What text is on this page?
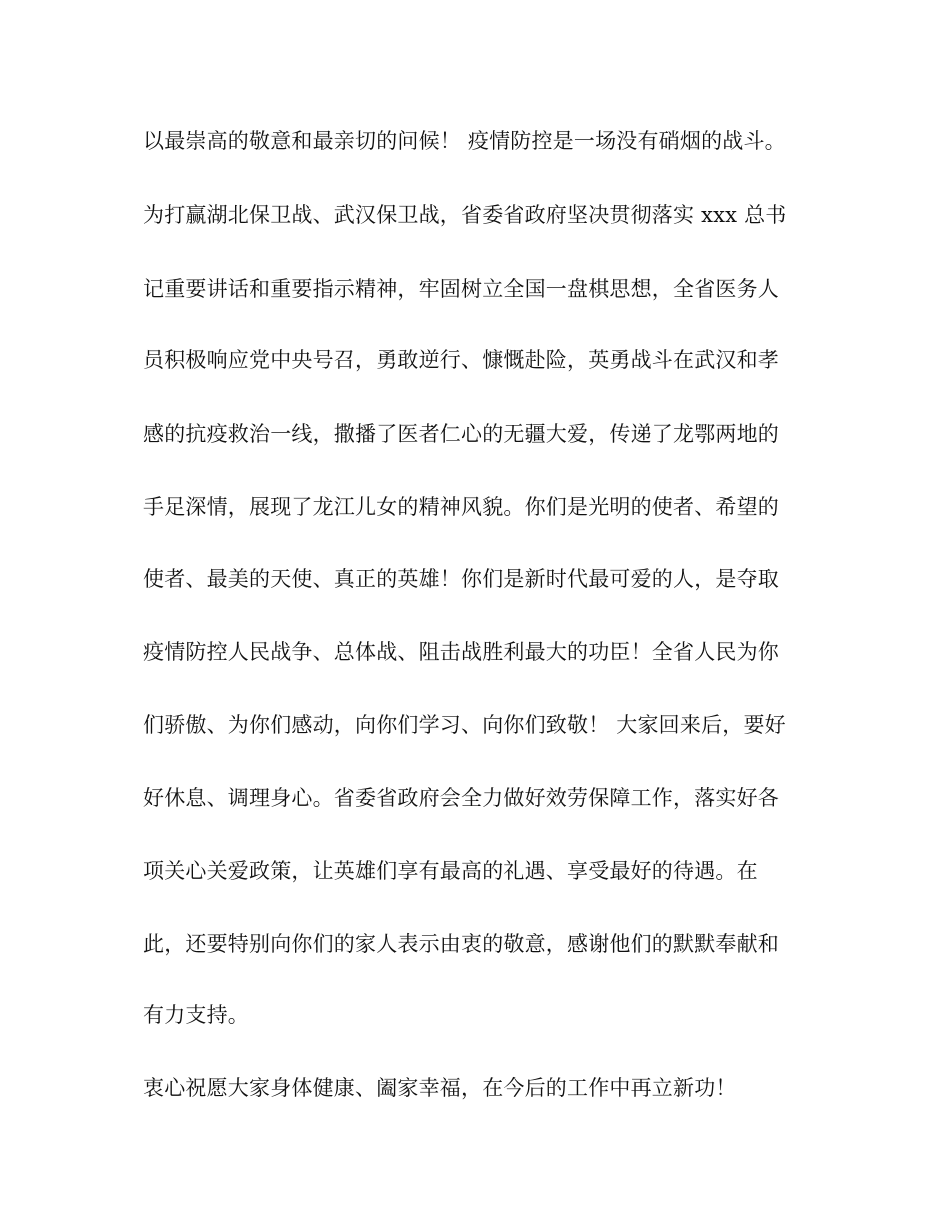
以最崇高的敬意和最亲切的问候！ 疫情防控是一场没有硝烟的战斗。
为打赢湖北保卫战、武汉保卫战，省委省政府坚决贯彻落实 xxx 总书
记重要讲话和重要指示精神，牢固树立全国一盘棋思想，全省医务人
员积极响应党中央号召，勇敢逆行、慷慨赴险，英勇战斗在武汉和孝
感的抗疫救治一线，撒播了医者仁心的无疆大爱，传递了龙鄂两地的
手足深情，展现了龙江儿女的精神风貌。你们是光明的使者、希望的
使者、最美的天使、真正的英雄！你们是新时代最可爱的人，是夺取
疫情防控人民战争、总体战、阻击战胜利最大的功臣！全省人民为你
们骄傲、为你们感动，向你们学习、向你们致敬！ 大家回来后，要好
好休息、调理身心。省委省政府会全力做好效劳保障工作，落实好各
项关心关爱政策，让英雄们享有最高的礼遇、享受最好的待遇。在
此，还要特别向你们的家人表示由衷的敬意，感谢他们的默默奉献和
有力支持。
衷心祝愿大家身体健康、阖家幸福，在今后的工作中再立新功！
